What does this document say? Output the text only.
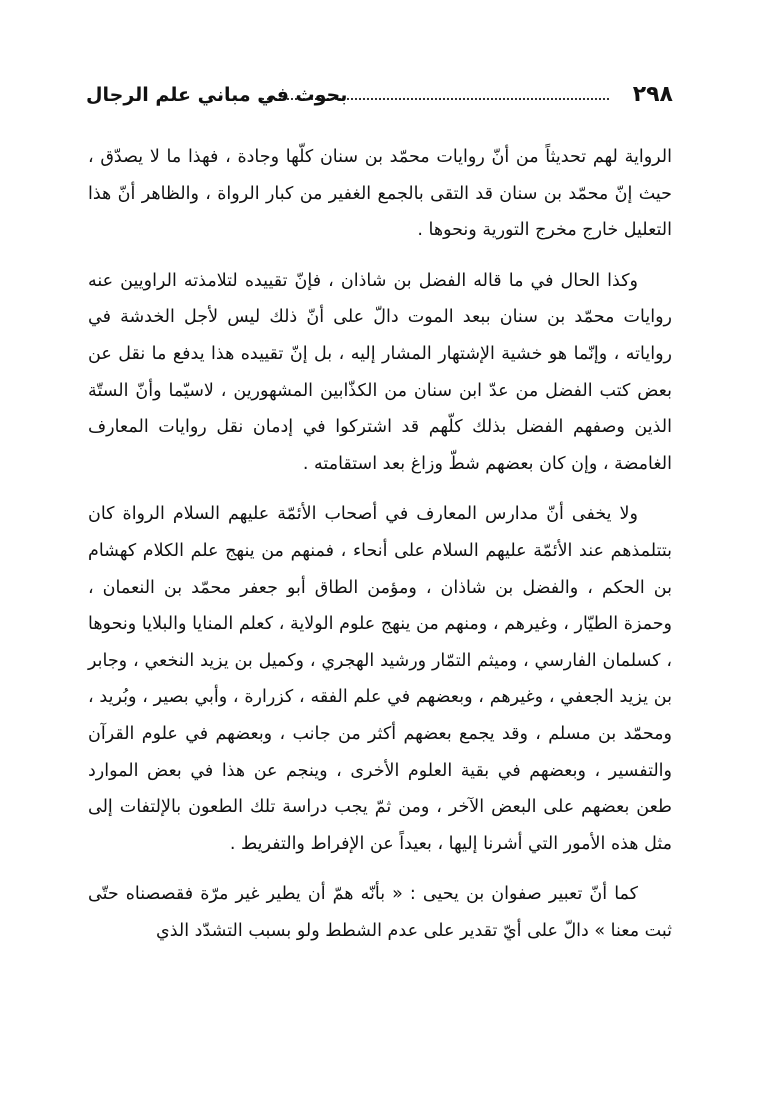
٢٩٨
بحوث في مباني علم الرجال

الرواية لهم تحديثاً من أنّ روايات محمّد بن سنان كلّها وجادة ، فهذا ما لا يصدّق ، حيث إنّ محمّد بن سنان قد التقى بالجمع الغفير من كبار الرواة ، والظاهر أنّ هذا التعليل خارج مخرج التورية ونحوها .

وكذا الحال في ما قاله الفضل بن شاذان ، فإنّ تقييده لتلامذته الراويين عنه روايات محمّد بن سنان ببعد الموت دالّ على أنّ ذلك ليس لأجل الخدشة في رواياته ، وإنّما هو خشية الإشتهار المشار إليه ، بل إنّ تقييده هذا يدفع ما نقل عن بعض كتب الفضل من عدّ ابن سنان من الكذّابين المشهورين ، لاسيّما وأنّ الستّة الذين وصفهم الفضل بذلك كلّهم قد اشتركوا في إدمان نقل روايات المعارف الغامضة ، وإن كان بعضهم شطّ وزاغ بعد استقامته .

ولا يخفى أنّ مدارس المعارف في أصحاب الأئمّة عليهم السلام الرواة كان بتتلمذهم عند الأئمّة عليهم السلام على أنحاء ، فمنهم من ينهج علم الكلام كهشام بن الحكم ، والفضل بن شاذان ، ومؤمن الطاق أبو جعفر محمّد بن النعمان ، وحمزة الطيّار ، وغيرهم ، ومنهم من ينهج علوم الولاية ، كعلم المنايا والبلايا ونحوها ، كسلمان الفارسي ، وميثم التمّار ورشيد الهجري ، وكميل بن يزيد النخعي ، وجابر بن يزيد الجعفي ، وغيرهم ، وبعضهم في علم الفقه ، كزرارة ، وأبي بصير ، وبُريد ، ومحمّد بن مسلم ، وقد يجمع بعضهم أكثر من جانب ، وبعضهم في علوم القرآن والتفسير ، وبعضهم في بقية العلوم الأخرى ، وينجم عن هذا في بعض الموارد طعن بعضهم على البعض الآخر ، ومن ثمّ يجب دراسة تلك الطعون بالإلتفات إلى مثل هذه الأمور التي أشرنا إليها ، بعيداً عن الإفراط والتفريط .

كما أنّ تعبير صفوان بن يحيى : « بأنّه همّ أن يطير غير مرّة فقصصناه حتّى ثبت معنا » دالّ على أيّ تقدير على عدم الشطط ولو بسبب التشدّد الذي
